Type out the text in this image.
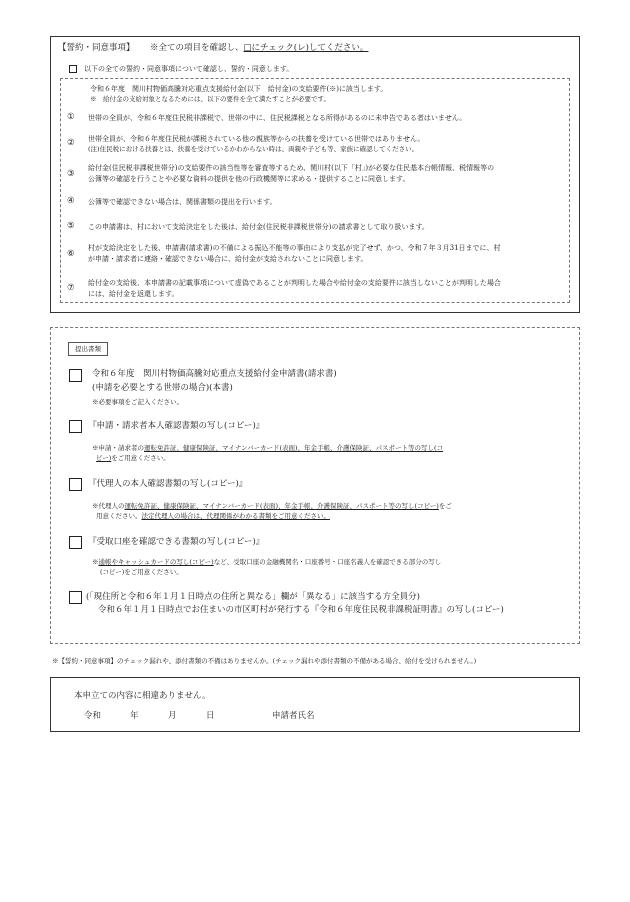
【誓約・同意事項】 ※全ての項目を確認し、□にチェック(レ)してください。
以下の全ての誓約・同意事項について確認し、誓約・同意します。
令和６年度　関川村物価高騰対応重点支援給付金(以下　給付金)の支給要件(※)に該当します。
※　給付金の支給対象となるためには、以下の要件を全て満たすことが必要です。
① 世帯の全員が、令和６年度住民税非課税で、世帯の中に、住民税課税となる所得があるのに未申告である者はいません。
② 世帯全員が、令和６年度住民税が課税されている他の親族等からの扶養を受けている世帯ではありません。
(注)住民税における扶養とは、扶養を受けているかわからない時は、両親や子ども等、家族に確認してください。
③
給付金(住民税非課税世帯分)の支給要件の該当性等を審査等するため、関川村(以下「村」)が必要な住民基本台帳情報、税情報等の
公簿等の確認を行うことや必要な資料の提供を他の行政機関等に求める・提供することに同意します。
④ 公簿等で確認できない場合は、関係書類の提出を行います。
⑤ この申請書は、村において支給決定をした後は、給付金(住民税非課税世帯分)の請求書として取り扱います。
⑥
村が支給決定をした後、申請書(請求書)の不備による振込不能等の事由により支払が完了せず、かつ、令和７年３月31日までに、村
が申請・請求者に連絡・確認できない場合に、給付金が支給されないことに同意します。
⑦ 給付金の支給後、本申請書の記載事項について虚偽であることが判明した場合や給付金の支給要件に該当しないことが判明した場合
には、給付金を返還します。
提出書類
令和６年度　関川村物価高騰対応重点支援給付金申請書(請求書)
(申請を必要とする世帯の場合)(本書)
※必要事項をご記入ください。
『申請・請求者本人確認書類の写し(コピー)』
※申請・請求者の運転免許証、健康保険証、マイナンバーカード(表面)、年金手帳、介護保険証、パスポート等の写し(コ
ピー)をご用意ください。
『代理人の本人確認書類の写し(コピー)』
※代理人の運転免許証、健康保険証、マイナンバーカード(表面)、年金手帳、介護保険証、パスポート等の写し(コピー)をご
用意ください。法定代理人の場合は、代理関係がわかる書類をご用意ください。
『受取口座を確認できる書類の写し(コピー)』
※通帳やキャッシュカードの写し(コピー)など、受取口座の金融機関名・口座番号・口座名義人を確認できる部分の写し
(コピー)をご用意ください。
(「現住所と令和６年１月１日時点の住所と異なる」欄が「異なる」に該当する方全員分)
令和６年１月１日時点でお住まいの市区町村が発行する『令和６年度住民税非課税証明書』の写し(コピー)
※【誓約・同意事項】のチェック漏れや、添付書類の不備はありませんか。(チェック漏れや添付書類の不備がある場合、給付を受けられません。)
本申立ての内容に相違ありません。
令和	年	月	日	申請者氏名
